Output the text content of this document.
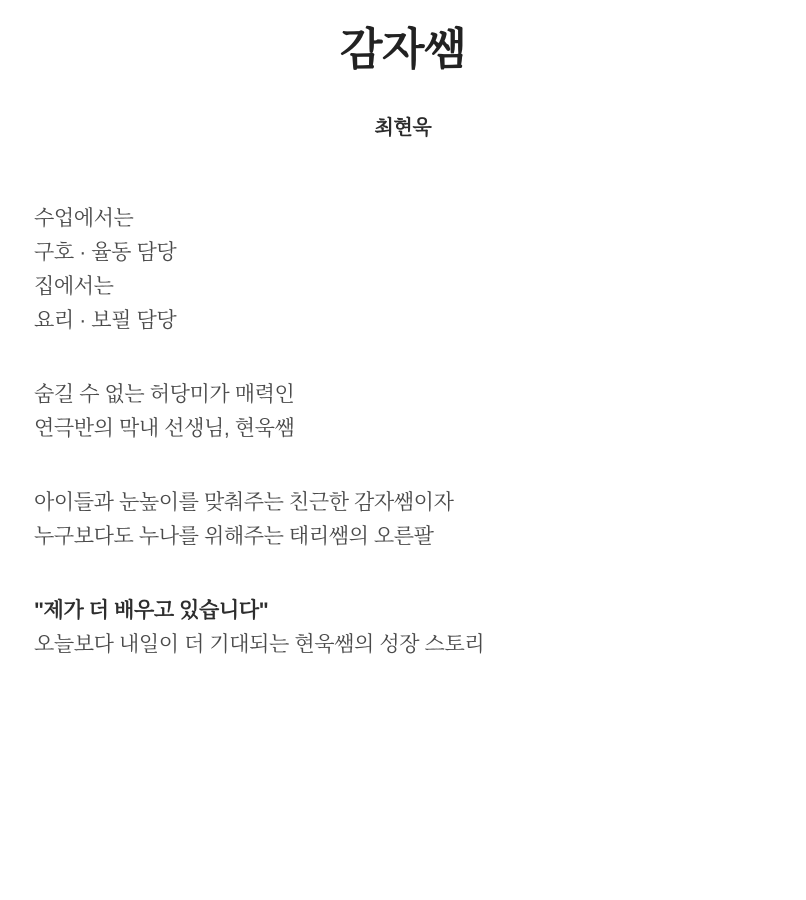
감자쌤

최현욱

수업에서는
구호 · 율동 담당
집에서는
요리 · 보필 담당
숨길 수 없는 허당미가 매력인
연극반의 막내 선생님, 현욱쌤
아이들과 눈높이를 맞춰주는 친근한 감자쌤이자
누구보다도 누나를 위해주는 태리쌤의 오른팔
"제가 더 배우고 있습니다"
오늘보다 내일이 더 기대되는 현욱쌤의 성장 스토리
